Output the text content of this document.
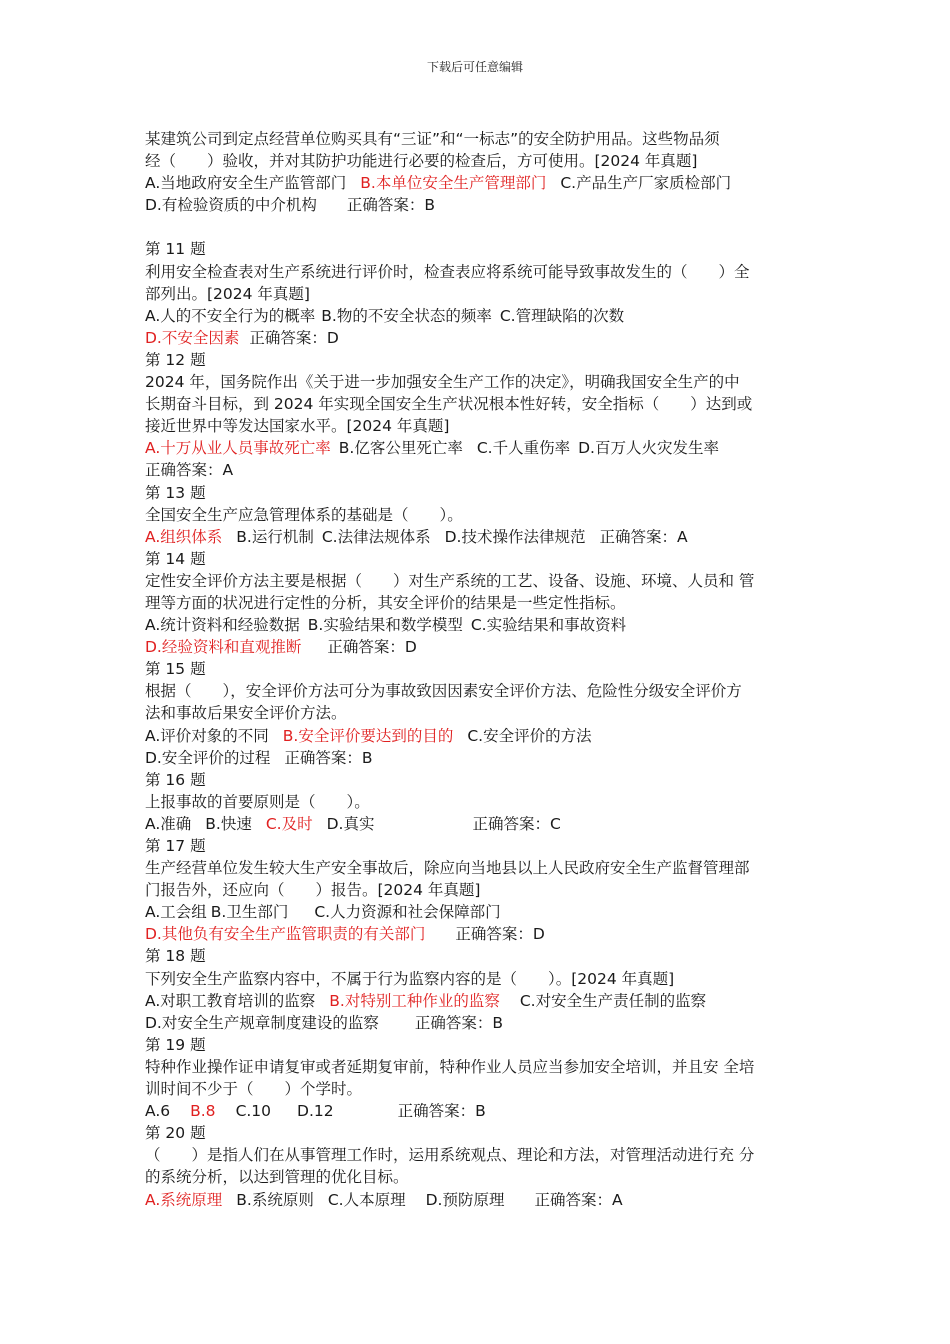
下载后可任意编辑
某建筑公司到定点经营单位购买具有“三证”和“一标志”的安全防护用品。这些物品须
经（　　）验收，并对其防护功能进行必要的检查后，方可使用。[2024 年真题]
A.当地政府安全生产监管部门 B.本单位安全生产管理部门 C.产品生产厂家质检部门
D.有检验资质的中介机构 正确答案：B
第 11 题
利用安全检查表对生产系统进行评价时，检查表应将系统可能导致事故发生的（　　）全
部列出。[2024 年真题]
A.人的不安全行为的概率 B.物的不安全状态的频率 C.管理缺陷的次数
D.不安全因素 正确答案：D
第 12 题
2024 年，国务院作出《关于进一步加强安全生产工作的决定》，明确我国安全生产的中
长期奋斗目标，到 2024 年实现全国安全生产状况根本性好转，安全指标（　　）达到或
接近世界中等发达国家水平。[2024 年真题]
A.十万从业人员事故死亡率 B.亿客公里死亡率 C.千人重伤率 D.百万人火灾发生率
正确答案：A
第 13 题
全国安全生产应急管理体系的基础是（　　）。
A.组织体系 B.运行机制 C.法律法规体系 D.技术操作法律规范 正确答案：A
第 14 题
定性安全评价方法主要是根据（　　）对生产系统的工艺、设备、设施、环境、人员和 管
理等方面的状况进行定性的分析，其安全评价的结果是一些定性指标。
A.统计资料和经验数据 B.实验结果和数学模型 C.实验结果和事故资料
D.经验资料和直观推断 正确答案：D
第 15 题
根据（　　），安全评价方法可分为事故致因因素安全评价方法、危险性分级安全评价方
法和事故后果安全评价方法。
A.评价对象的不同 B.安全评价要达到的目的 C.安全评价的方法
D.安全评价的过程 正确答案：B
第 16 题
上报事故的首要原则是（　　）。
A.准确 B.快速 C.及时 D.真实	正确答案：C
第 17 题
生产经营单位发生较大生产安全事故后，除应向当地县以上人民政府安全生产监督管理部
门报告外，还应向（　　）报告。[2024 年真题]
A.工会组 B.卫生部门 C.人力资源和社会保障部门
D.其他负有安全生产监管职责的有关部门 正确答案：D
第 18 题
下列安全生产监察内容中，不属于行为监察内容的是（　　）。[2024 年真题]
A.对职工教育培训的监察 B.对特别工种作业的监察 C.对安全生产责任制的监察
D.对安全生产规章制度建设的监察 正确答案：B
第 19 题
特种作业操作证申请复审或者延期复审前，特种作业人员应当参加安全培训，并且安 全培
训时间不少于（　　）个学时。
A.6 B.8 C.10 D.12	正确答案：B
第 20 题
（　　）是指人们在从事管理工作时，运用系统观点、理论和方法，对管理活动进行充 分
的系统分析，以达到管理的优化目标。
A.系统原理 B.系统原则 C.人本原理 D.预防原理 正确答案：A
